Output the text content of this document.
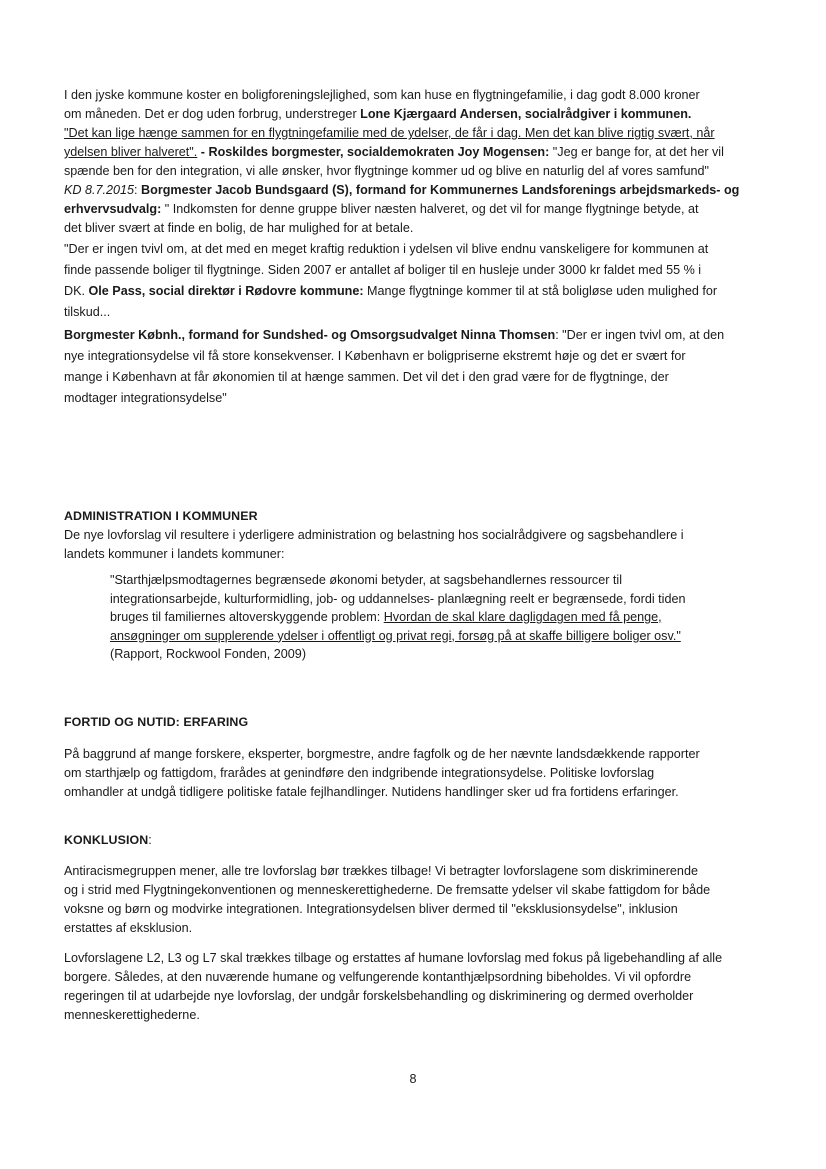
I den jyske kommune koster en boligforeningslejlighed, som kan huse en flygtningefamilie, i dag godt 8.000 kroner
om måneden. Det er dog uden forbrug, understreger Lone Kjærgaard Andersen, socialrådgiver i kommunen.
"Det kan lige hænge sammen for en flygtningefamilie med de ydelser, de får i dag. Men det kan blive rigtig svært, når
ydelsen bliver halveret". - Roskildes borgmester, socialdemokraten Joy Mogensen: "Jeg er bange for, at det her vil
spænde ben for den integration, vi alle ønsker, hvor flygtninge kommer ud og blive en naturlig del af vores samfund"
KD 8.7.2015: Borgmester Jacob Bundsgaard (S), formand for Kommunernes Landsforenings arbejdsmarkeds- og
erhvervsudvalg: " Indkomsten for denne gruppe bliver næsten halveret, og det vil for mange flygtninge betyde, at
det bliver svært at finde en bolig, de har mulighed for at betale.
"Der er ingen tvivl om, at det med en meget kraftig reduktion i ydelsen vil blive endnu vanskeligere for kommunen at
finde passende boliger til flygtninge. Siden 2007 er antallet af boliger til en husleje under 3000 kr faldet med 55 % i
DK. Ole Pass, social direktør i Rødovre kommune: Mange flygtninge kommer til at stå boligløse uden mulighed for
tilskud...
Borgmester Købnh., formand for Sundshed- og Omsorgsudvalget Ninna Thomsen: "Der er ingen tvivl om, at den
nye integrationsydelse vil få store konsekvenser. I København er boligpriserne ekstremt høje og det er svært for
mange i København at får økonomien til at hænge sammen. Det vil det i den grad være for de flygtninge, der
modtager integrationsydelse"
ADMINISTRATION I KOMMUNER
De nye lovforslag vil resultere i yderligere administration og belastning hos socialrådgivere og sagsbehandlere i
landets kommuner i landets kommuner:
"Starthjælpsmodtagernes begrænsede økonomi betyder, at sagsbehandlernes ressourcer til
integrationsarbejde, kulturformidling, job- og uddannelses- planlægning reelt er begrænsede, fordi tiden
bruges til familiernes altoverskyggende problem: Hvordan de skal klare dagligdagen med få penge,
ansøgninger om supplerende ydelser i offentligt og privat regi, forsøg på at skaffe billigere boliger osv."
(Rapport, Rockwool Fonden, 2009)
FORTID OG NUTID: ERFARING
På baggrund af mange forskere, eksperter, borgmestre, andre fagfolk og de her nævnte landsdækkende rapporter
om starthjælp og fattigdom, frarådes at genindføre den indgribende integrationsydelse. Politiske lovforslag
omhandler at undgå tidligere politiske fatale fejlhandlinger. Nutidens handlinger sker ud fra fortidens erfaringer.
KONKLUSION:
Antiracismegruppen mener, alle tre lovforslag bør trækkes tilbage! Vi betragter lovforslagene som diskriminerende
og i strid med Flygtningekonventionen og menneskerettighederne. De fremsatte ydelser vil skabe fattigdom for både
voksne og børn og modvirke integrationen. Integrationsydelsen bliver dermed til "eksklusionsydelse", inklusion
erstattes af eksklusion.
Lovforslagene L2, L3 og L7 skal trækkes tilbage og erstattes af humane lovforslag med fokus på ligebehandling af alle
borgere. Således, at den nuværende humane og velfungerende kontanthjælpsordning bibeholdes. Vi vil opfordre
regeringen til at udarbejde nye lovforslag, der undgår forskelsbehandling og diskriminering og dermed overholder
menneskerettighederne.
8
